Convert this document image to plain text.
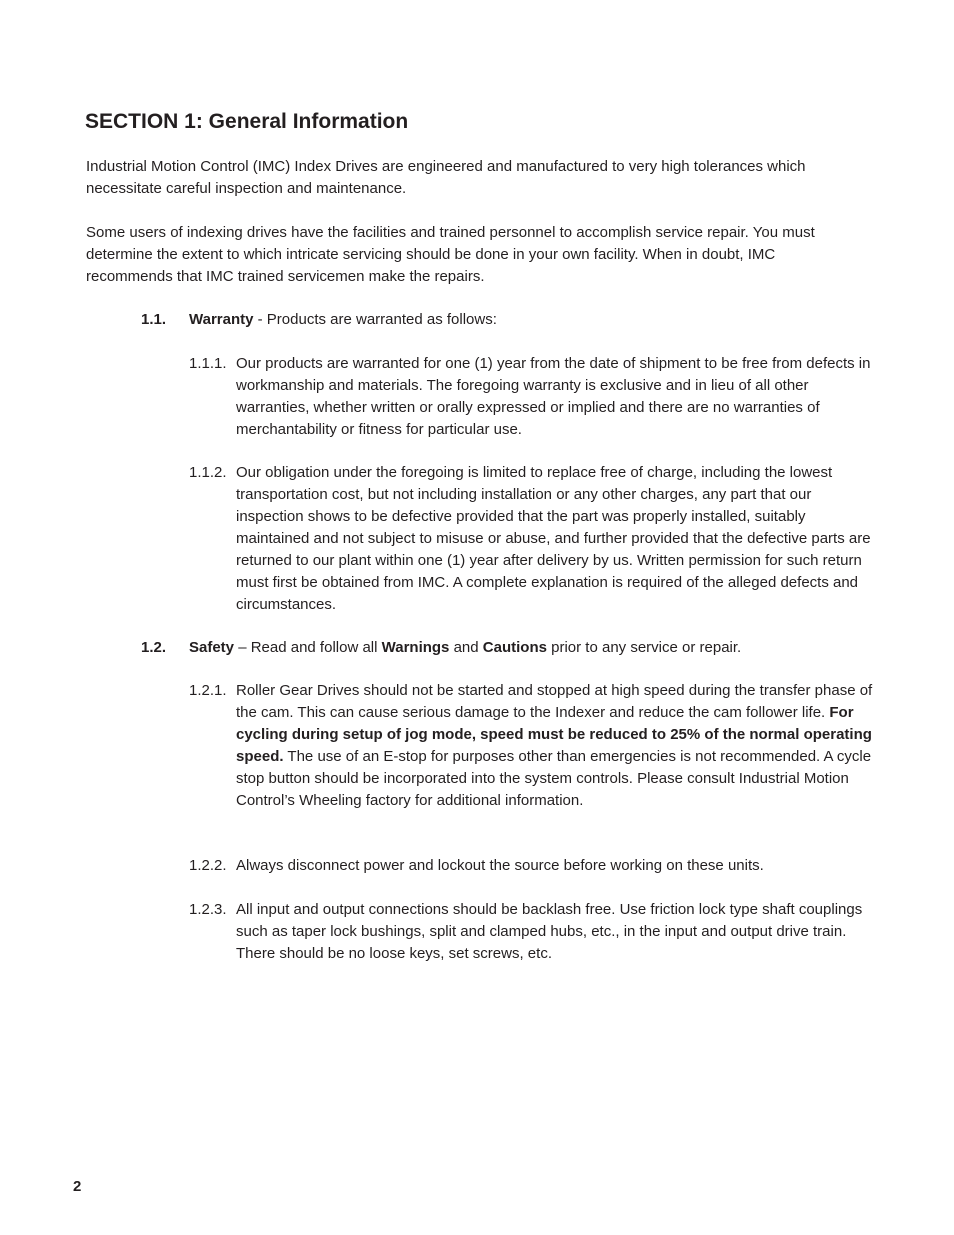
SECTION 1: General Information

Industrial Motion Control (IMC) Index Drives are engineered and manufactured to very high tolerances which necessitate careful inspection and maintenance.

Some users of indexing drives have the facilities and trained personnel to accomplish service repair. You must determine the extent to which intricate servicing should be done in your own facility. When in doubt, IMC recommends that IMC trained servicemen make the repairs.

1.1. Warranty - Products are warranted as follows:

1.1.1. Our products are warranted for one (1) year from the date of shipment to be free from defects in workmanship and materials. The foregoing warranty is exclusive and in lieu of all other warranties, whether written or orally expressed or implied and there are no warranties of merchantability or fitness for particular use.

1.1.2. Our obligation under the foregoing is limited to replace free of charge, including the lowest transportation cost, but not including installation or any other charges, any part that our inspection shows to be defective provided that the part was properly installed, suitably maintained and not subject to misuse or abuse, and further provided that the defective parts are returned to our plant within one (1) year after delivery by us. Written permission for such return must first be obtained from IMC. A complete explanation is required of the alleged defects and circumstances.

1.2. Safety – Read and follow all Warnings and Cautions prior to any service or repair.

1.2.1. Roller Gear Drives should not be started and stopped at high speed during the transfer phase of the cam. This can cause serious damage to the Indexer and reduce the cam follower life. For cycling during setup of jog mode, speed must be reduced to 25% of the normal operating speed. The use of an E-stop for purposes other than emergencies is not recommended. A cycle stop button should be incorporated into the system controls. Please consult Industrial Motion Control’s Wheeling factory for additional information.

1.2.2. Always disconnect power and lockout the source before working on these units.

1.2.3. All input and output connections should be backlash free. Use friction lock type shaft couplings such as taper lock bushings, split and clamped hubs, etc., in the input and output drive train. There should be no loose keys, set screws, etc.

2
